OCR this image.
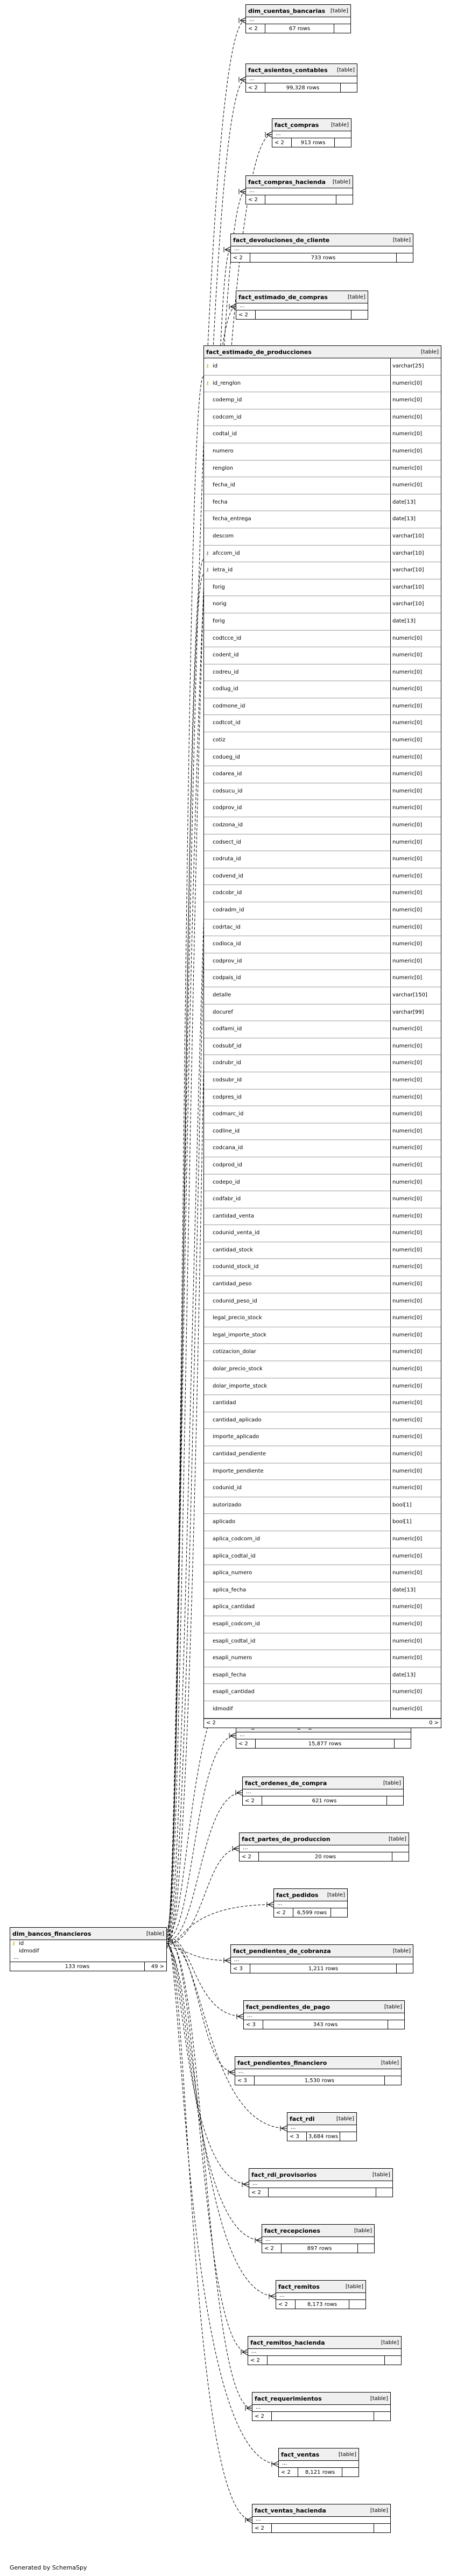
dim_cuentas_bancarias [table]
...
< 2	67 rows
fact_asientos_contables [table]
...
< 2	99,328 rows
fact_compras [table]
...
< 2	913 rows
fact_compras_hacienda [table]
...
< 2
fact_devoluciones_de_cliente	[table]
...
< 2	733 rows
fact_estimado_de_compras	[table]
...
< 2
...
< 2	15,877 rows
fact_ordenes_de_compra	[table]
...
< 2	621 rows
fact_partes_de_produccion	[table]
...
< 2	20 rows
fact_pedidos [table]
...
< 2	6,599 rows
fact_pendientes_de_cobranza	[table]
...
< 3	1,211 rows
fact_pendientes_de_pago	[table]
...
< 3	343 rows
fact_pendientes_financiero	[table]
...
< 3	1,530 rows
fact_rdi	[table]
...
< 3	3,684 rows
fact_rdi_provisorios	[table]
...
< 2
fact_recepciones	[table]
...
< 2	897 rows
fact_remitos	[table]
...
< 2	8,173 rows
fact_remitos_hacienda	[table]
...
< 2
fact_requerimientos	[table]
...
< 2
fact_ventas	[table]
...
< 2	8,121 rows
fact_ventas_hacienda	[table]
...
< 2
dim_bancos_financieros	[table]
⚷ id
idmodif
...
133 rows	49 >
fact_estimado_de_producciones	[table]
⚷ id	varchar[25]
⚷ id_renglon	numeric[0]
codemp_id	numeric[0]
codcom_id	numeric[0]
codtal_id	numeric[0]
numero	numeric[0]
renglon	numeric[0]
fecha_id	numeric[0]
fecha	date[13]
fecha_entrega	date[13]
descom	varchar[10]
⚷ afccom_id	varchar[10]
⚷ letra_id	varchar[10]
forig	varchar[10]
norig	varchar[10]
forig	date[13]
codtcce_id	numeric[0]
codent_id	numeric[0]
codreu_id	numeric[0]
codlug_id	numeric[0]
codmone_id	numeric[0]
codtcot_id	numeric[0]
cotiz	numeric[0]
codueg_id	numeric[0]
codarea_id	numeric[0]
codsucu_id	numeric[0]
codprov_id	numeric[0]
codzona_id	numeric[0]
codsect_id	numeric[0]
codruta_id	numeric[0]
codvend_id	numeric[0]
codcobr_id	numeric[0]
codradm_id	numeric[0]
codrtac_id	numeric[0]
codloca_id	numeric[0]
codprov_id	numeric[0]
codpais_id	numeric[0]
detalle	varchar[150]
docuref	varchar[99]
codfami_id	numeric[0]
codsubf_id	numeric[0]
codrubr_id	numeric[0]
codsubr_id	numeric[0]
codpres_id	numeric[0]
codmarc_id	numeric[0]
codline_id	numeric[0]
codcana_id	numeric[0]
codprod_id	numeric[0]
codepo_id	numeric[0]
codfabr_id	numeric[0]
cantidad_venta	numeric[0]
codunid_venta_id	numeric[0]
cantidad_stock	numeric[0]
codunid_stock_id	numeric[0]
cantidad_peso	numeric[0]
codunid_peso_id	numeric[0]
legal_precio_stock	numeric[0]
legal_importe_stock	numeric[0]
cotizacion_dolar	numeric[0]
dolar_precio_stock	numeric[0]
dolar_importe_stock	numeric[0]
cantidad	numeric[0]
cantidad_aplicado	numeric[0]
importe_aplicado	numeric[0]
cantidad_pendiente	numeric[0]
importe_pendiente	numeric[0]
codunid_id	numeric[0]
autorizado	bool[1]
aplicado	bool[1]
aplica_codcom_id	numeric[0]
aplica_codtal_id	numeric[0]
aplica_numero	numeric[0]
aplica_fecha	date[13]
aplica_cantidad	numeric[0]
esapli_codcom_id	numeric[0]
esapli_codtal_id	numeric[0]
esapli_numero	numeric[0]
esapli_fecha	date[13]
esapli_cantidad	numeric[0]
idmodif	numeric[0]
< 2	0 >
Generated by SchemaSpy
